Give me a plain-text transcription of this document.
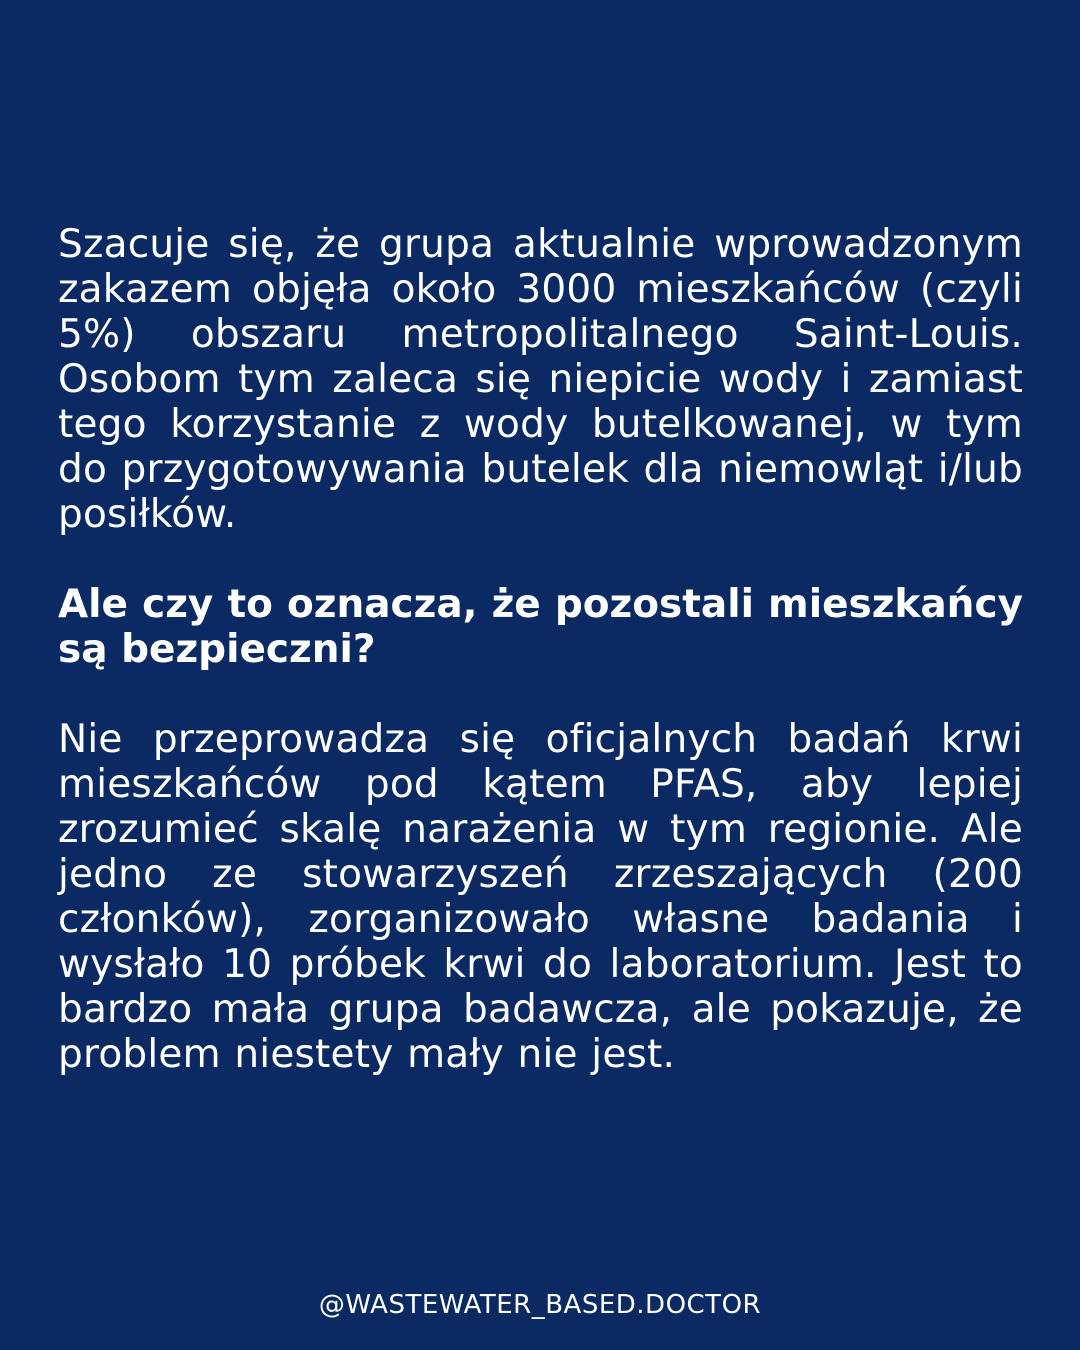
Szacuje się, że grupa aktualnie wprowadzonym zakazem objęła około 3000 mieszkańców (czyli 5%) obszaru metropolitalnego Saint-Louis. Osobom tym zaleca się niepicie wody i zamiast tego korzystanie z wody butelkowanej, w tym do przygotowywania butelek dla niemowląt i/lub posiłków.

Ale czy to oznacza, że pozostali mieszkańcy są bezpieczni?

Nie przeprowadza się oficjalnych badań krwi mieszkańców pod kątem PFAS, aby lepiej zrozumieć skalę narażenia w tym regionie. Ale jedno ze stowarzyszeń zrzeszających (200 członków), zorganizowało własne badania i wysłało 10 próbek krwi do laboratorium. Jest to bardzo mała grupa badawcza, ale pokazuje, że problem niestety mały nie jest.

@WASTEWATER_BASED.DOCTOR
